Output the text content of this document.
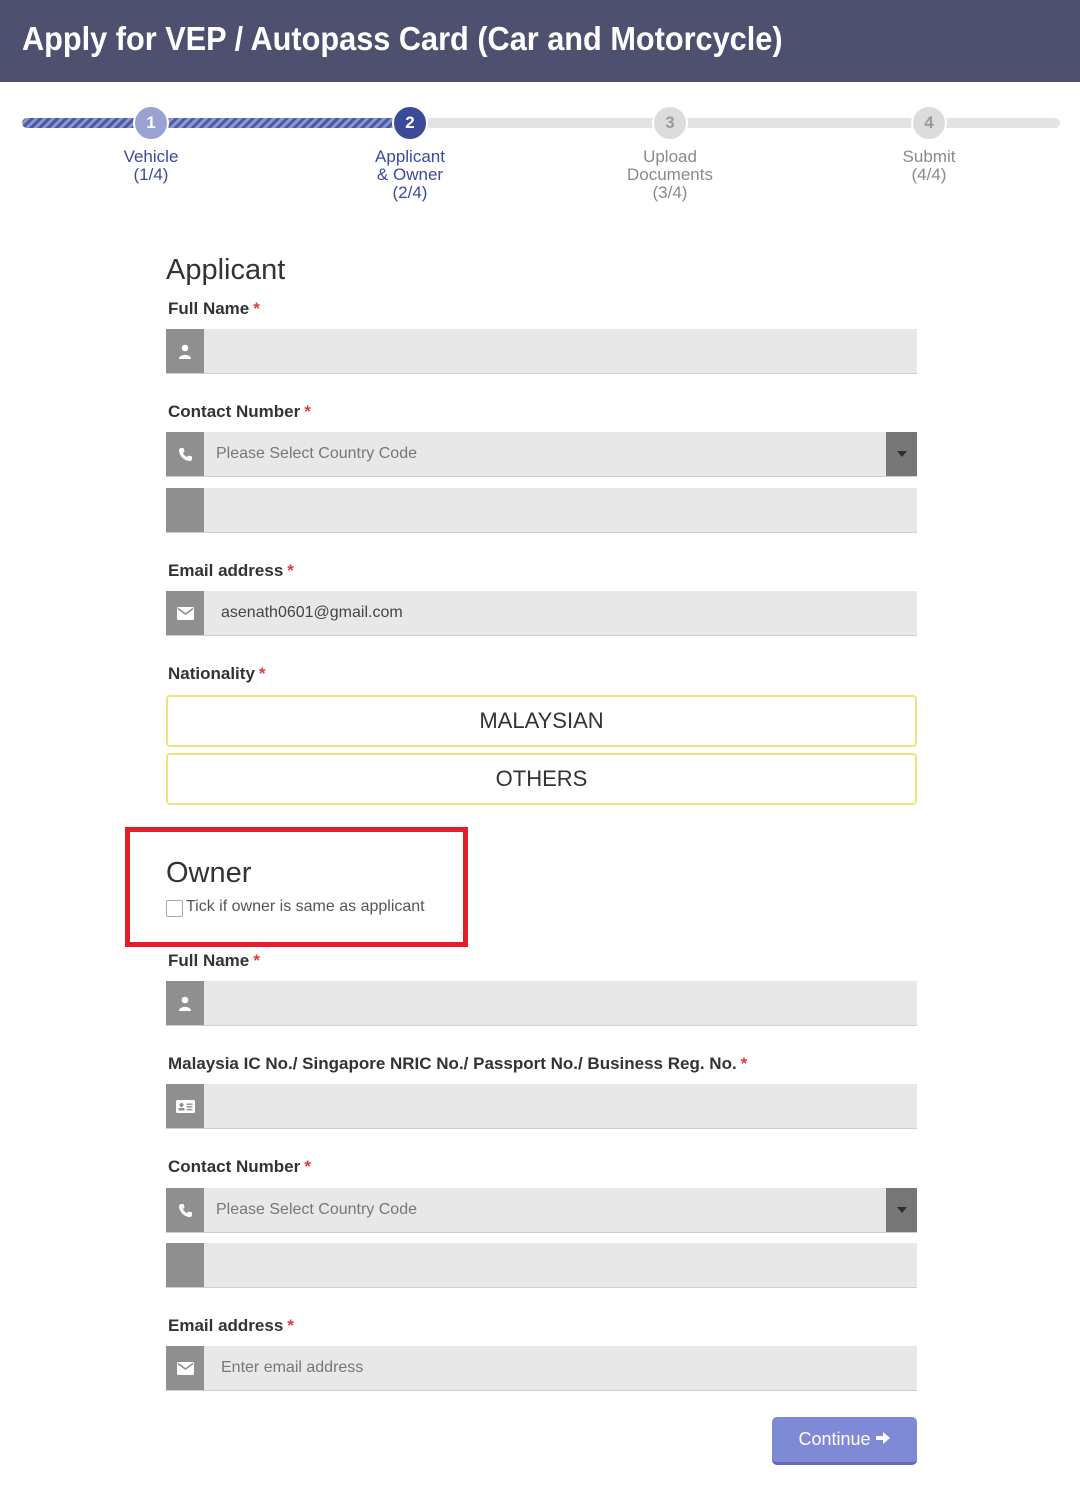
Apply for VEP / Autopass Card (Car and Motorcycle)
1	2	3	4
Vehicle
(1/4)
Applicant
& Owner
(2/4)
Upload
Documents
(3/4)
Submit
(4/4)
Applicant
Full Name *
Contact Number *
Please Select Country Code
Email address *
asenath0601@gmail.com
Nationality *
MALAYSIAN
OTHERS
Owner
Tick if owner is same as applicant
Full Name *
Malaysia IC No./ Singapore NRIC No./ Passport No./ Business Reg. No. *
Contact Number *
Please Select Country Code
Email address *
Enter email address
Continue
